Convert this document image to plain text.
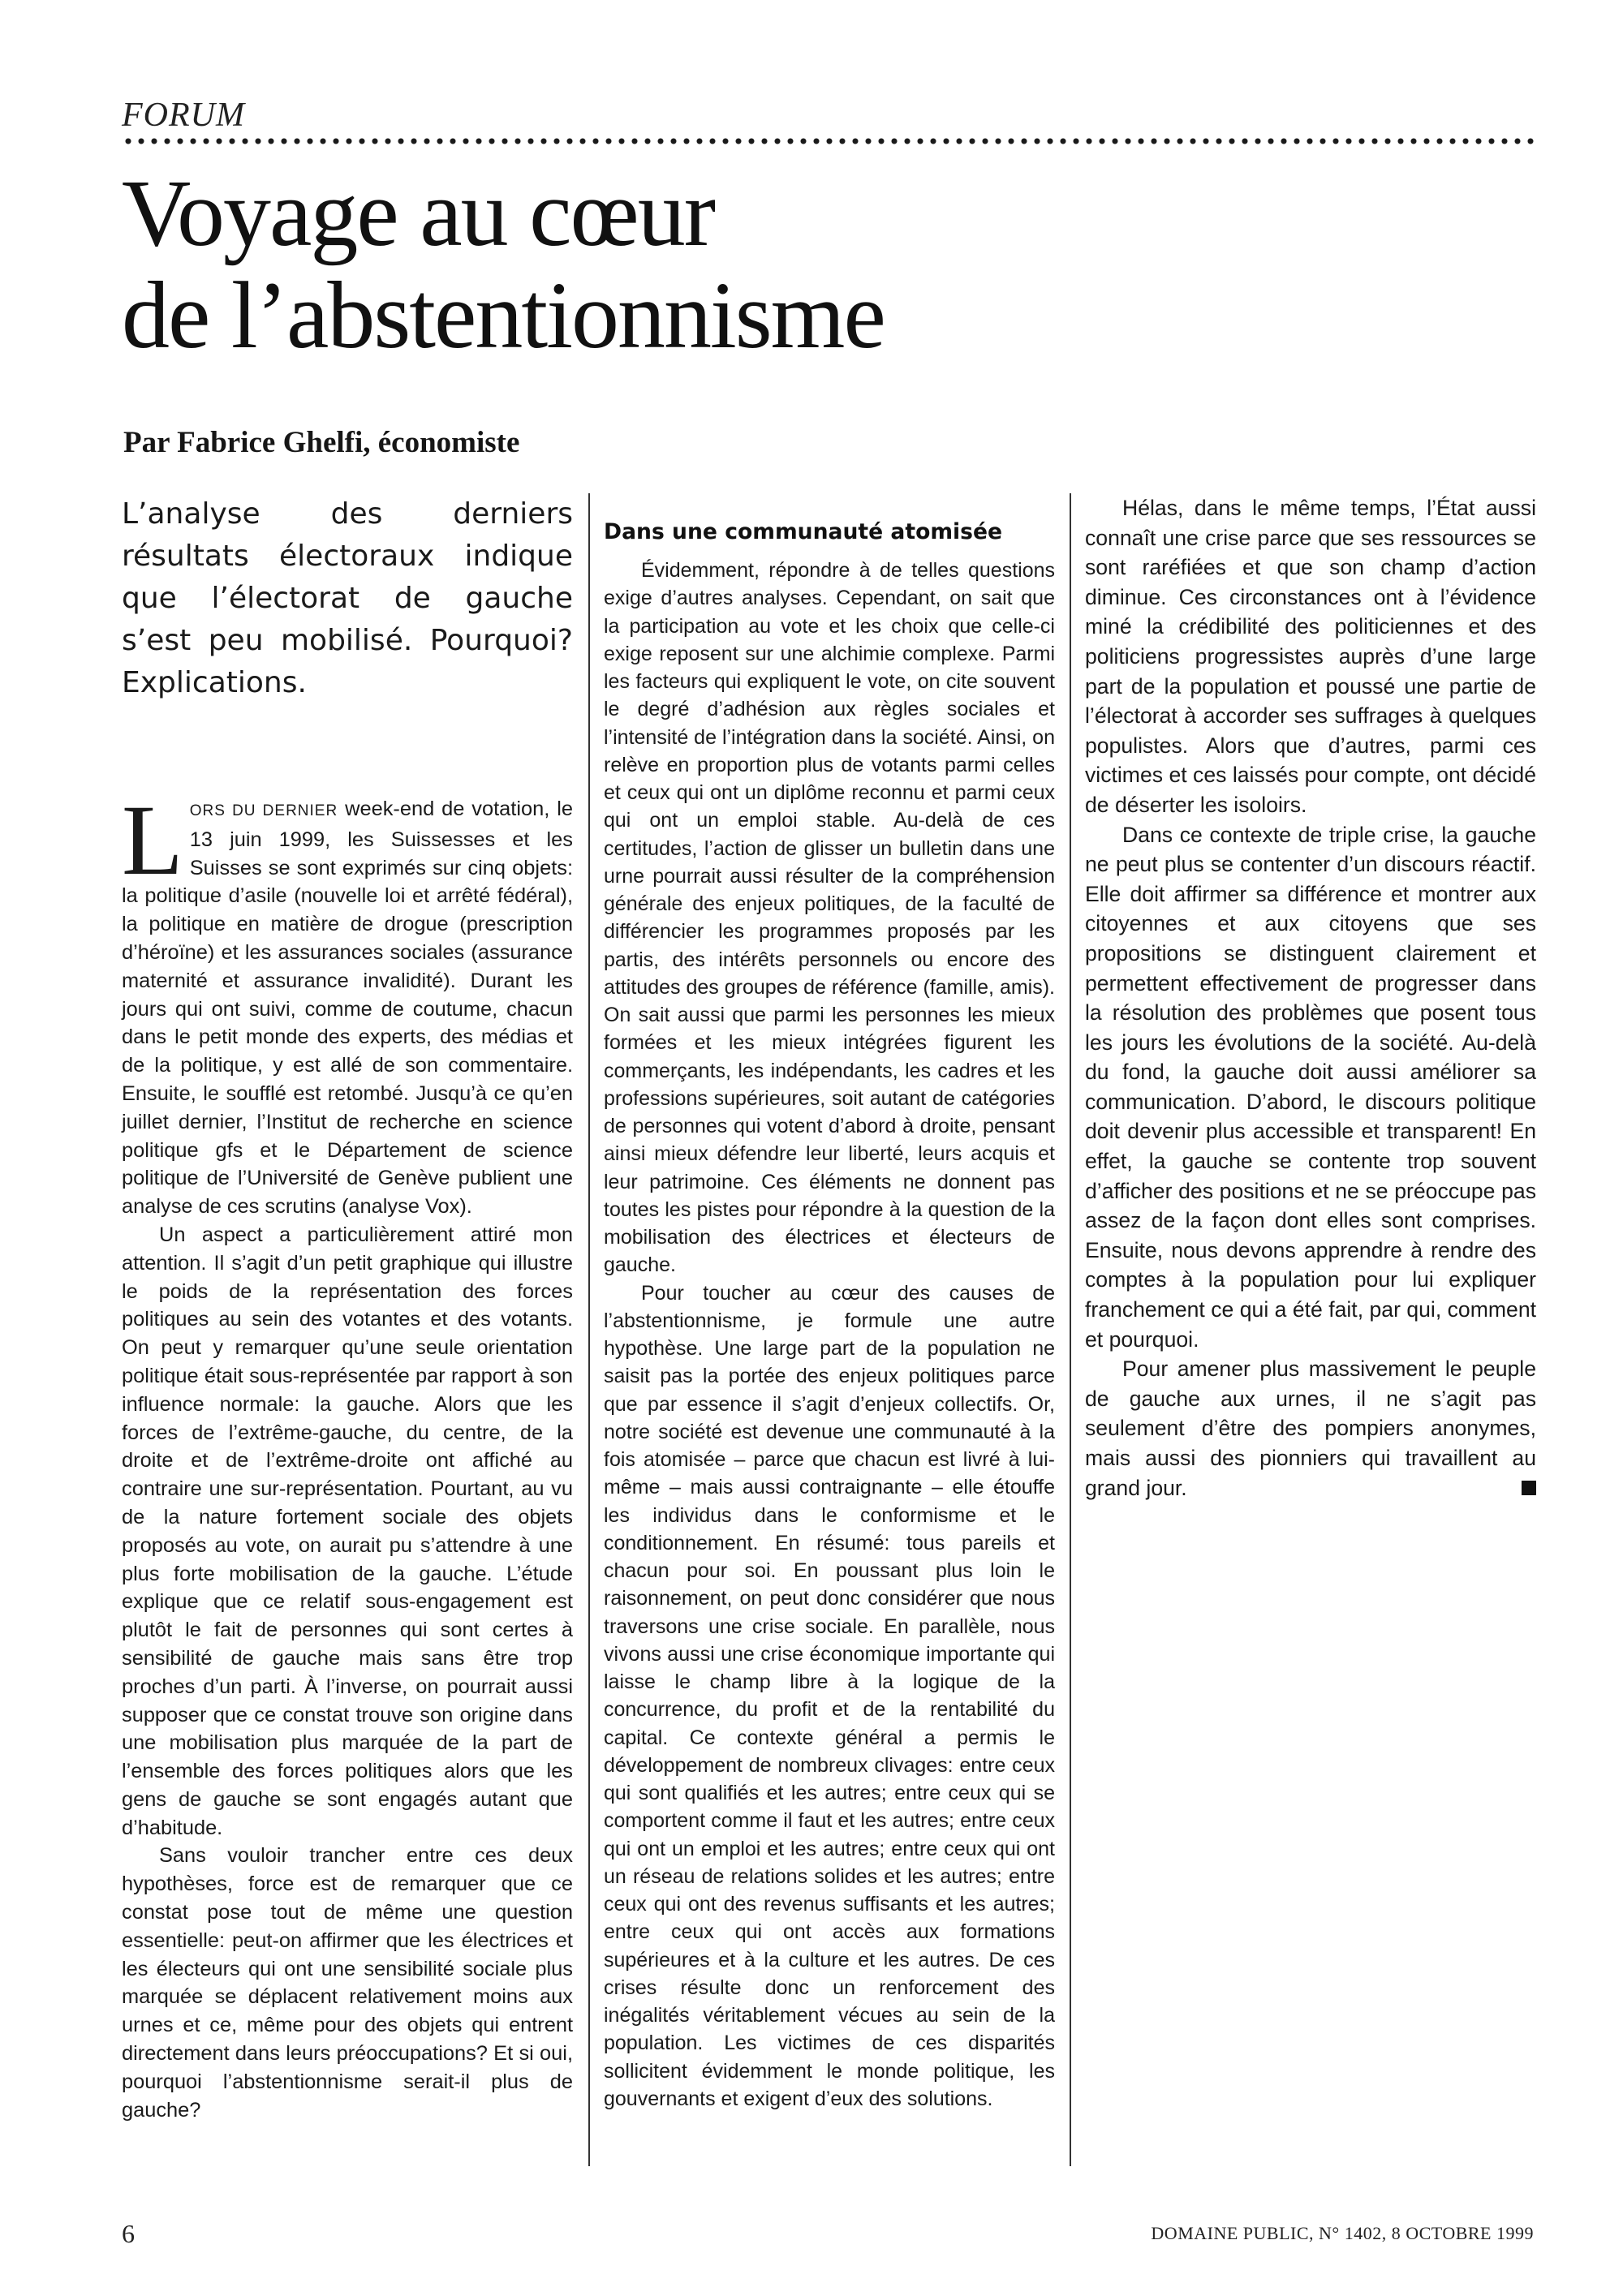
FORUM
Voyage au cœur
de l’abstentionnisme

Par Fabrice Ghelfi, économiste

L’analyse des derniers résultats électoraux indique que l’électorat de gauche s’est peu mobilisé. Pourquoi? Explications.

LORS DU DERNIER week-end de votation, le 13 juin 1999, les Suissesses et les Suisses se sont exprimés sur cinq objets: la politique d’asile (nouvelle loi et arrêté fédéral), la politique en matière de drogue (prescription d’héroïne) et les assurances sociales (assurance maternité et assurance invalidité). Durant les jours qui ont suivi, comme de coutume, chacun dans le petit monde des experts, des médias et de la politique, y est allé de son commentaire. Ensuite, le soufflé est retombé. Jusqu’à ce qu’en juillet dernier, l’Institut de recherche en science politique gfs et le Département de science politique de l’Université de Genève publient une analyse de ces scrutins (analyse Vox).

Un aspect a particulièrement attiré mon attention. Il s’agit d’un petit graphique qui illustre le poids de la représentation des forces politiques au sein des votantes et des votants. On peut y remarquer qu’une seule orientation politique était sous-représentée par rapport à son influence normale: la gauche. Alors que les forces de l’extrême-gauche, du centre, de la droite et de l’extrême-droite ont affiché au contraire une sur-représentation. Pourtant, au vu de la nature fortement sociale des objets proposés au vote, on aurait pu s’attendre à une plus forte mobilisation de la gauche. L’étude explique que ce relatif sous-engagement est plutôt le fait de personnes qui sont certes à sensibilité de gauche mais sans être trop proches d’un parti. À l’inverse, on pourrait aussi supposer que ce constat trouve son origine dans une mobilisation plus marquée de la part de l’ensemble des forces politiques alors que les gens de gauche se sont engagés autant que d’habitude.

Sans vouloir trancher entre ces deux hypothèses, force est de remarquer que ce constat pose tout de même une question essentielle: peut-on affirmer que les électrices et les électeurs qui ont une sensibilité sociale plus marquée se déplacent relativement moins aux urnes et ce, même pour des objets qui entrent directement dans leurs préoccupations? Et si oui, pourquoi l’abstentionnisme serait-il plus de gauche?

Dans une communauté atomisée

Évidemment, répondre à de telles questions exige d’autres analyses. Cependant, on sait que la participation au vote et les choix que celle-ci exige reposent sur une alchimie complexe. Parmi les facteurs qui expliquent le vote, on cite souvent le degré d’adhésion aux règles sociales et l’intensité de l’intégration dans la société. Ainsi, on relève en proportion plus de votants parmi celles et ceux qui ont un diplôme reconnu et parmi ceux qui ont un emploi stable. Au-delà de ces certitudes, l’action de glisser un bulletin dans une urne pourrait aussi résulter de la compréhension générale des enjeux politiques, de la faculté de différencier les programmes proposés par les partis, des intérêts personnels ou encore des attitudes des groupes de référence (famille, amis). On sait aussi que parmi les personnes les mieux formées et les mieux intégrées figurent les commerçants, les indépendants, les cadres et les professions supérieures, soit autant de catégories de personnes qui votent d’abord à droite, pensant ainsi mieux défendre leur liberté, leurs acquis et leur patrimoine. Ces éléments ne donnent pas toutes les pistes pour répondre à la question de la mobilisation des électrices et électeurs de gauche.

Pour toucher au cœur des causes de l’abstentionnisme, je formule une autre hypothèse. Une large part de la population ne saisit pas la portée des enjeux politiques parce que par essence il s’agit d’enjeux collectifs. Or, notre société est devenue une communauté à la fois atomisée – parce que chacun est livré à lui-même – mais aussi contraignante – elle étouffe les individus dans le conformisme et le conditionnement. En résumé: tous pareils et chacun pour soi. En poussant plus loin le raisonnement, on peut donc considérer que nous traversons une crise sociale. En parallèle, nous vivons aussi une crise économique importante qui laisse le champ libre à la logique de la concurrence, du profit et de la rentabilité du capital. Ce contexte général a permis le développement de nombreux clivages: entre ceux qui sont qualifiés et les autres; entre ceux qui se comportent comme il faut et les autres; entre ceux qui ont un emploi et les autres; entre ceux qui ont un réseau de relations solides et les autres; entre ceux qui ont des revenus suffisants et les autres; entre ceux qui ont accès aux formations supérieures et à la culture et les autres. De ces crises résulte donc un renforcement des inégalités véritablement vécues au sein de la population. Les victimes de ces disparités sollicitent évidemment le monde politique, les gouvernants et exigent d’eux des solutions.

Hélas, dans le même temps, l’État aussi connaît une crise parce que ses ressources se sont raréfiées et que son champ d’action diminue. Ces circonstances ont à l’évidence miné la crédibilité des politiciennes et des politiciens progressistes auprès d’une large part de la population et poussé une partie de l’électorat à accorder ses suffrages à quelques populistes. Alors que d’autres, parmi ces victimes et ces laissés pour compte, ont décidé de déserter les isoloirs.

Dans ce contexte de triple crise, la gauche ne peut plus se contenter d’un discours réactif. Elle doit affirmer sa différence et montrer aux citoyennes et aux citoyens que ses propositions se distinguent clairement et permettent effectivement de progresser dans la résolution des problèmes que posent tous les jours les évolutions de la société. Au-delà du fond, la gauche doit aussi améliorer sa communication. D’abord, le discours politique doit devenir plus accessible et transparent! En effet, la gauche se contente trop souvent d’afficher des positions et ne se préoccupe pas assez de la façon dont elles sont comprises. Ensuite, nous devons apprendre à rendre des comptes à la population pour lui expliquer franchement ce qui a été fait, par qui, comment et pourquoi.

Pour amener plus massivement le peuple de gauche aux urnes, il ne s’agit pas seulement d’être des pompiers anonymes, mais aussi des pionniers qui travaillent au grand jour.

6	DOMAINE PUBLIC, N° 1402, 8 OCTOBRE 1999
